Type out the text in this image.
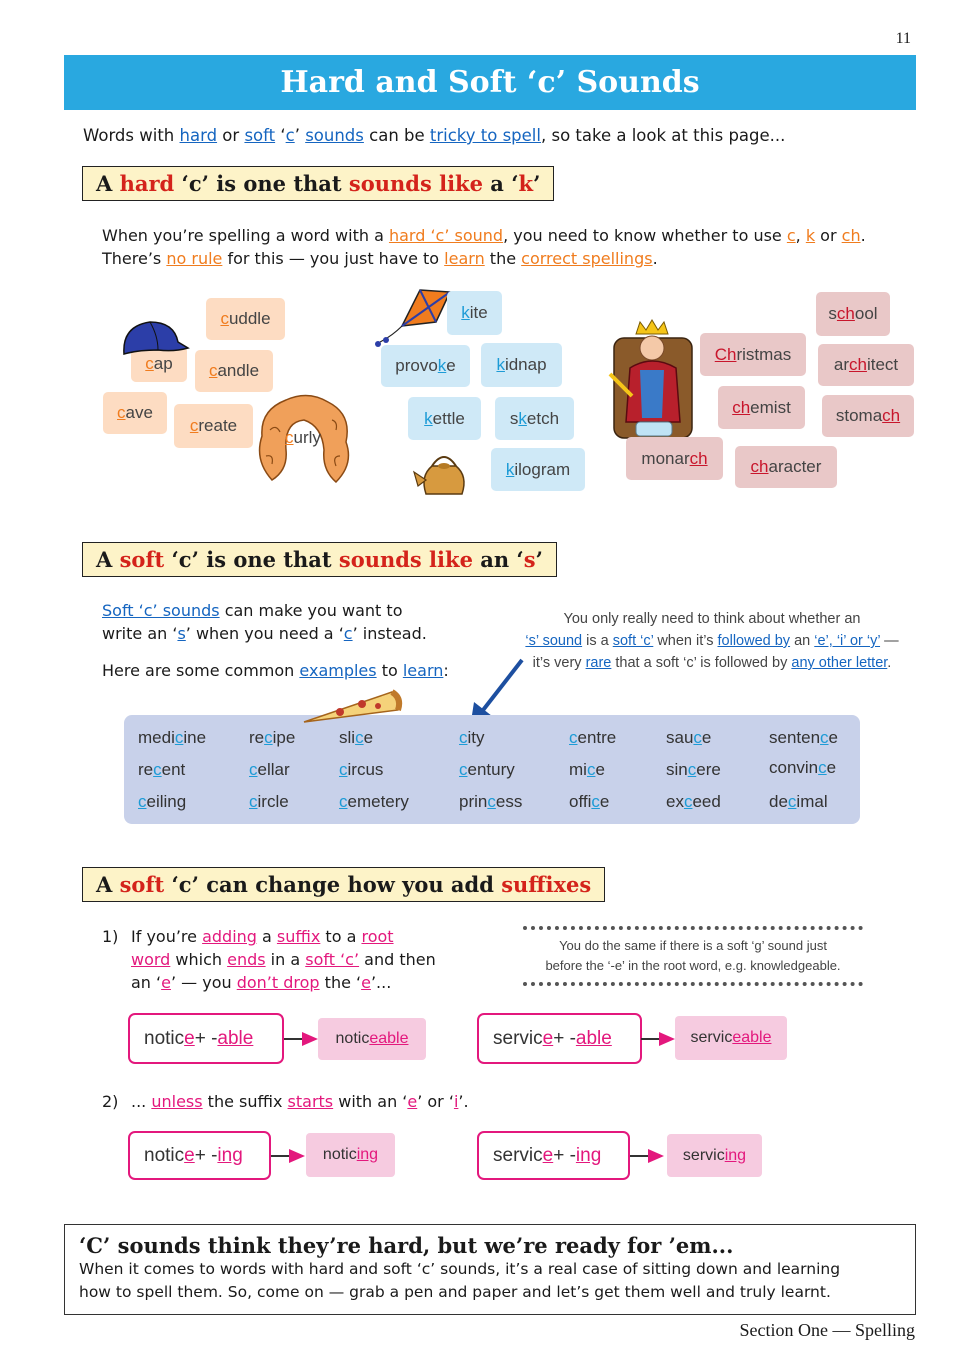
11
Hard and Soft ‘c’ Sounds
Words with hard or soft ‘c’ sounds can be tricky to spell, so take a look at this page...
A hard ‘c’ is one that sounds like a ‘k’
When you’re spelling a word with a hard ‘c’ sound, you need to know whether to use c, k or ch.
There’s no rule for this — you just have to learn the correct spellings.
c uddle
c ap c andle
c ave
c reate
curly
k ite
provo k e k idnap
k ettle	s k etch
k ilogram
s ch ool
Ch ristmas
ar ch itect
ch emist	stoma ch
monar ch	ch aracter
A soft ‘c’ is one that sounds like an ‘s’
Soft ‘c’ sounds can make you want to
write an ‘s’ when you need a ‘c’ instead.
Here are some common examples to learn:
You only really need to think about whether an
‘s’ sound is a soft ‘c’ when it’s followed by an ‘e’, ‘i’ or ‘y’ —
it’s very rare that a soft ‘c’ is followed by any other letter.
medicine	recipe	slice	city	centre	sauce	sentence
recent	cellar	circus	century	mice	sincere	convince
ceiling	circle	cemetery	princess	office	exceed	decimal
A soft ‘c’ can change how you add suffixes
1) If you’re adding a suffix to a root
word which ends in a soft ‘c’ and then
an ‘e’ — you don’t drop the ‘e’...
You do the same if there is a soft ‘g’ sound just
before the ‘-e’ in the root word, e.g. knowledgeable.
notic e + - able	notic eable	servic e + - able	servic eable
2) ... unless the suffix starts with an ‘e’ or ‘i’.
notic e + - ing	notic ing	servic e + - ing	servic ing
‘C’ sounds think they’re hard, but we’re ready for ’em...
When it comes to words with hard and soft ‘c’ sounds, it’s a real case of sitting down and learning
how to spell them. So, come on — grab a pen and paper and let’s get them well and truly learnt.
Section One — Spelling
